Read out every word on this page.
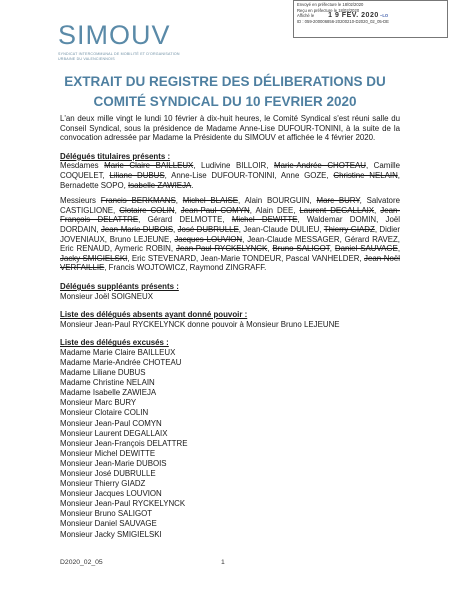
Envoyé en préfecture le 18/02/2020
Reçu en préfecture le 18/02/2020
Affiché le 1 9 FEV. 2020 ~LO
ID : 059-200006856-20200210-D2020_02_05-DE
SIMOUV
SYNDICAT INTERCOMMUNAL DE MOBILITÉ ET D'ORGANISATION URBAINE DU VALENCIENNOIS
EXTRAIT DU REGISTRE DES DÉLIBERATIONS DU
COMITÉ SYNDICAL DU 10 FEVRIER 2020

L'an deux mille vingt le lundi 10 février à dix-huit heures, le Comité Syndical s'est réuni salle du Conseil Syndical, sous la présidence de Madame Anne-Lise DUFOUR-TONINI, à la suite de la convocation adressée par Madame la Présidente du SIMOUV et affichée le 4 février 2020.

Délégués titulaires présents :

Mesdames Marie Claire BAILLEUX, Ludivine BILLOIR, Marie-Andrée CHOTEAU, Camille COQUELET, Liliane DUBUS, Anne-Lise DUFOUR-TONINI, Anne GOZE, Christine NELAIN, Bernadette SOPO, Isabelle ZAWIEJA.

Messieurs Francis BERKMANS, Michel BLAISE, Alain BOURGUIN, Marc BURY, Salvatore CASTIGLIONE, Clotaire COLIN, Jean-Paul COMYN, Alain DEE, Laurent DEGALLAIX, Jean-François DELATTRE, Gérard DELMOTTE, Michel DEWITTE, Waldemar DOMIN, Joël DORDAIN, Jean-Marie DUBOIS, José DUBRULLE, Jean-Claude DULIEU, Thierry GIADZ, Didier JOVENIAUX, Bruno LEJEUNE, Jacques LOUVION, Jean-Claude MESSAGER, Gérard RAVEZ, Eric RENAUD, Aymeric ROBIN, Jean-Paul RYCKELYNCK, Bruno SALIGOT, Daniel SAUVAGE, Jacky SMIGIELSKI, Eric STEVENARD, Jean-Marie TONDEUR, Pascal VANHELDER, Jean-Noël VERFAILLIE, Francis WOJTOWICZ, Raymond ZINGRAFF.

Délégués suppléants présents :
Monsieur Joël SOIGNEUX
Liste des délégués absents ayant donné pouvoir :
Monsieur Jean-Paul RYCKELYNCK donne pouvoir à Monsieur Bruno LEJEUNE
Liste des délégués excusés :
Madame Marie Claire BAILLEUX
Madame Marie-Andrée CHOTEAU
Madame Liliane DUBUS
Madame Christine NELAIN
Madame Isabelle ZAWIEJA
Monsieur Marc BURY
Monsieur Clotaire COLIN
Monsieur Jean-Paul COMYN
Monsieur Laurent DEGALLAIX
Monsieur Jean-François DELATTRE
Monsieur Michel DEWITTE
Monsieur Jean-Marie DUBOIS
Monsieur José DUBRULLE
Monsieur Thierry GIADZ
Monsieur Jacques LOUVION
Monsieur Jean-Paul RYCKELYNCK
Monsieur Bruno SALIGOT
Monsieur Daniel SAUVAGE
Monsieur Jacky SMIGIELSKI
D2020_02_05	1
